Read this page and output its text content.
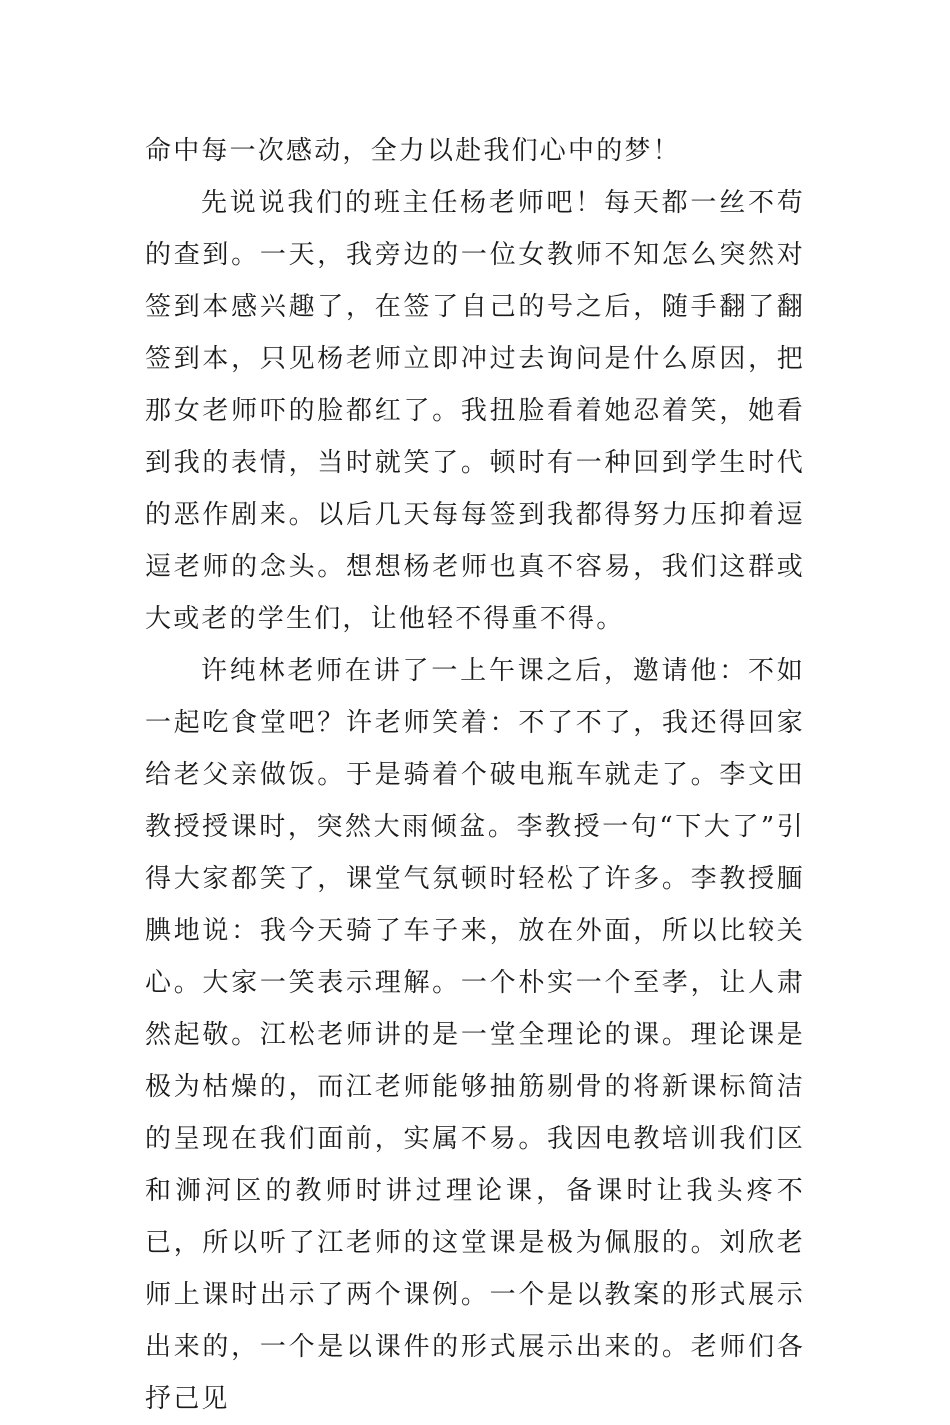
命中每一次感动，全力以赴我们心中的梦！

先说说我们的班主任杨老师吧！每天都一丝不苟的查到。一天，我旁边的一位女教师不知怎么突然对签到本感兴趣了，在签了自己的号之后，随手翻了翻签到本，只见杨老师立即冲过去询问是什么原因，把那女老师吓的脸都红了。我扭脸看着她忍着笑，她看到我的表情，当时就笑了。顿时有一种回到学生时代的恶作剧来。以后几天每每签到我都得努力压抑着逗逗老师的念头。想想杨老师也真不容易，我们这群或大或老的学生们，让他轻不得重不得。

许纯林老师在讲了一上午课之后，邀请他：不如一起吃食堂吧？许老师笑着：不了不了，我还得回家给老父亲做饭。于是骑着个破电瓶车就走了。李文田教授授课时，突然大雨倾盆。李教授一句“下大了”引得大家都笑了，课堂气氛顿时轻松了许多。李教授腼腆地说：我今天骑了车子来，放在外面，所以比较关心。大家一笑表示理解。一个朴实一个至孝，让人肃然起敬。江松老师讲的是一堂全理论的课。理论课是极为枯燥的，而江老师能够抽筋剔骨的将新课标简洁的呈现在我们面前，实属不易。我因电教培训我们区和浉河区的教师时讲过理论课，备课时让我头疼不已，所以听了江老师的这堂课是极为佩服的。刘欣老师上课时出示了两个课例。一个是以教案的形式展示出来的，一个是以课件的形式展示出来的。老师们各抒己见
